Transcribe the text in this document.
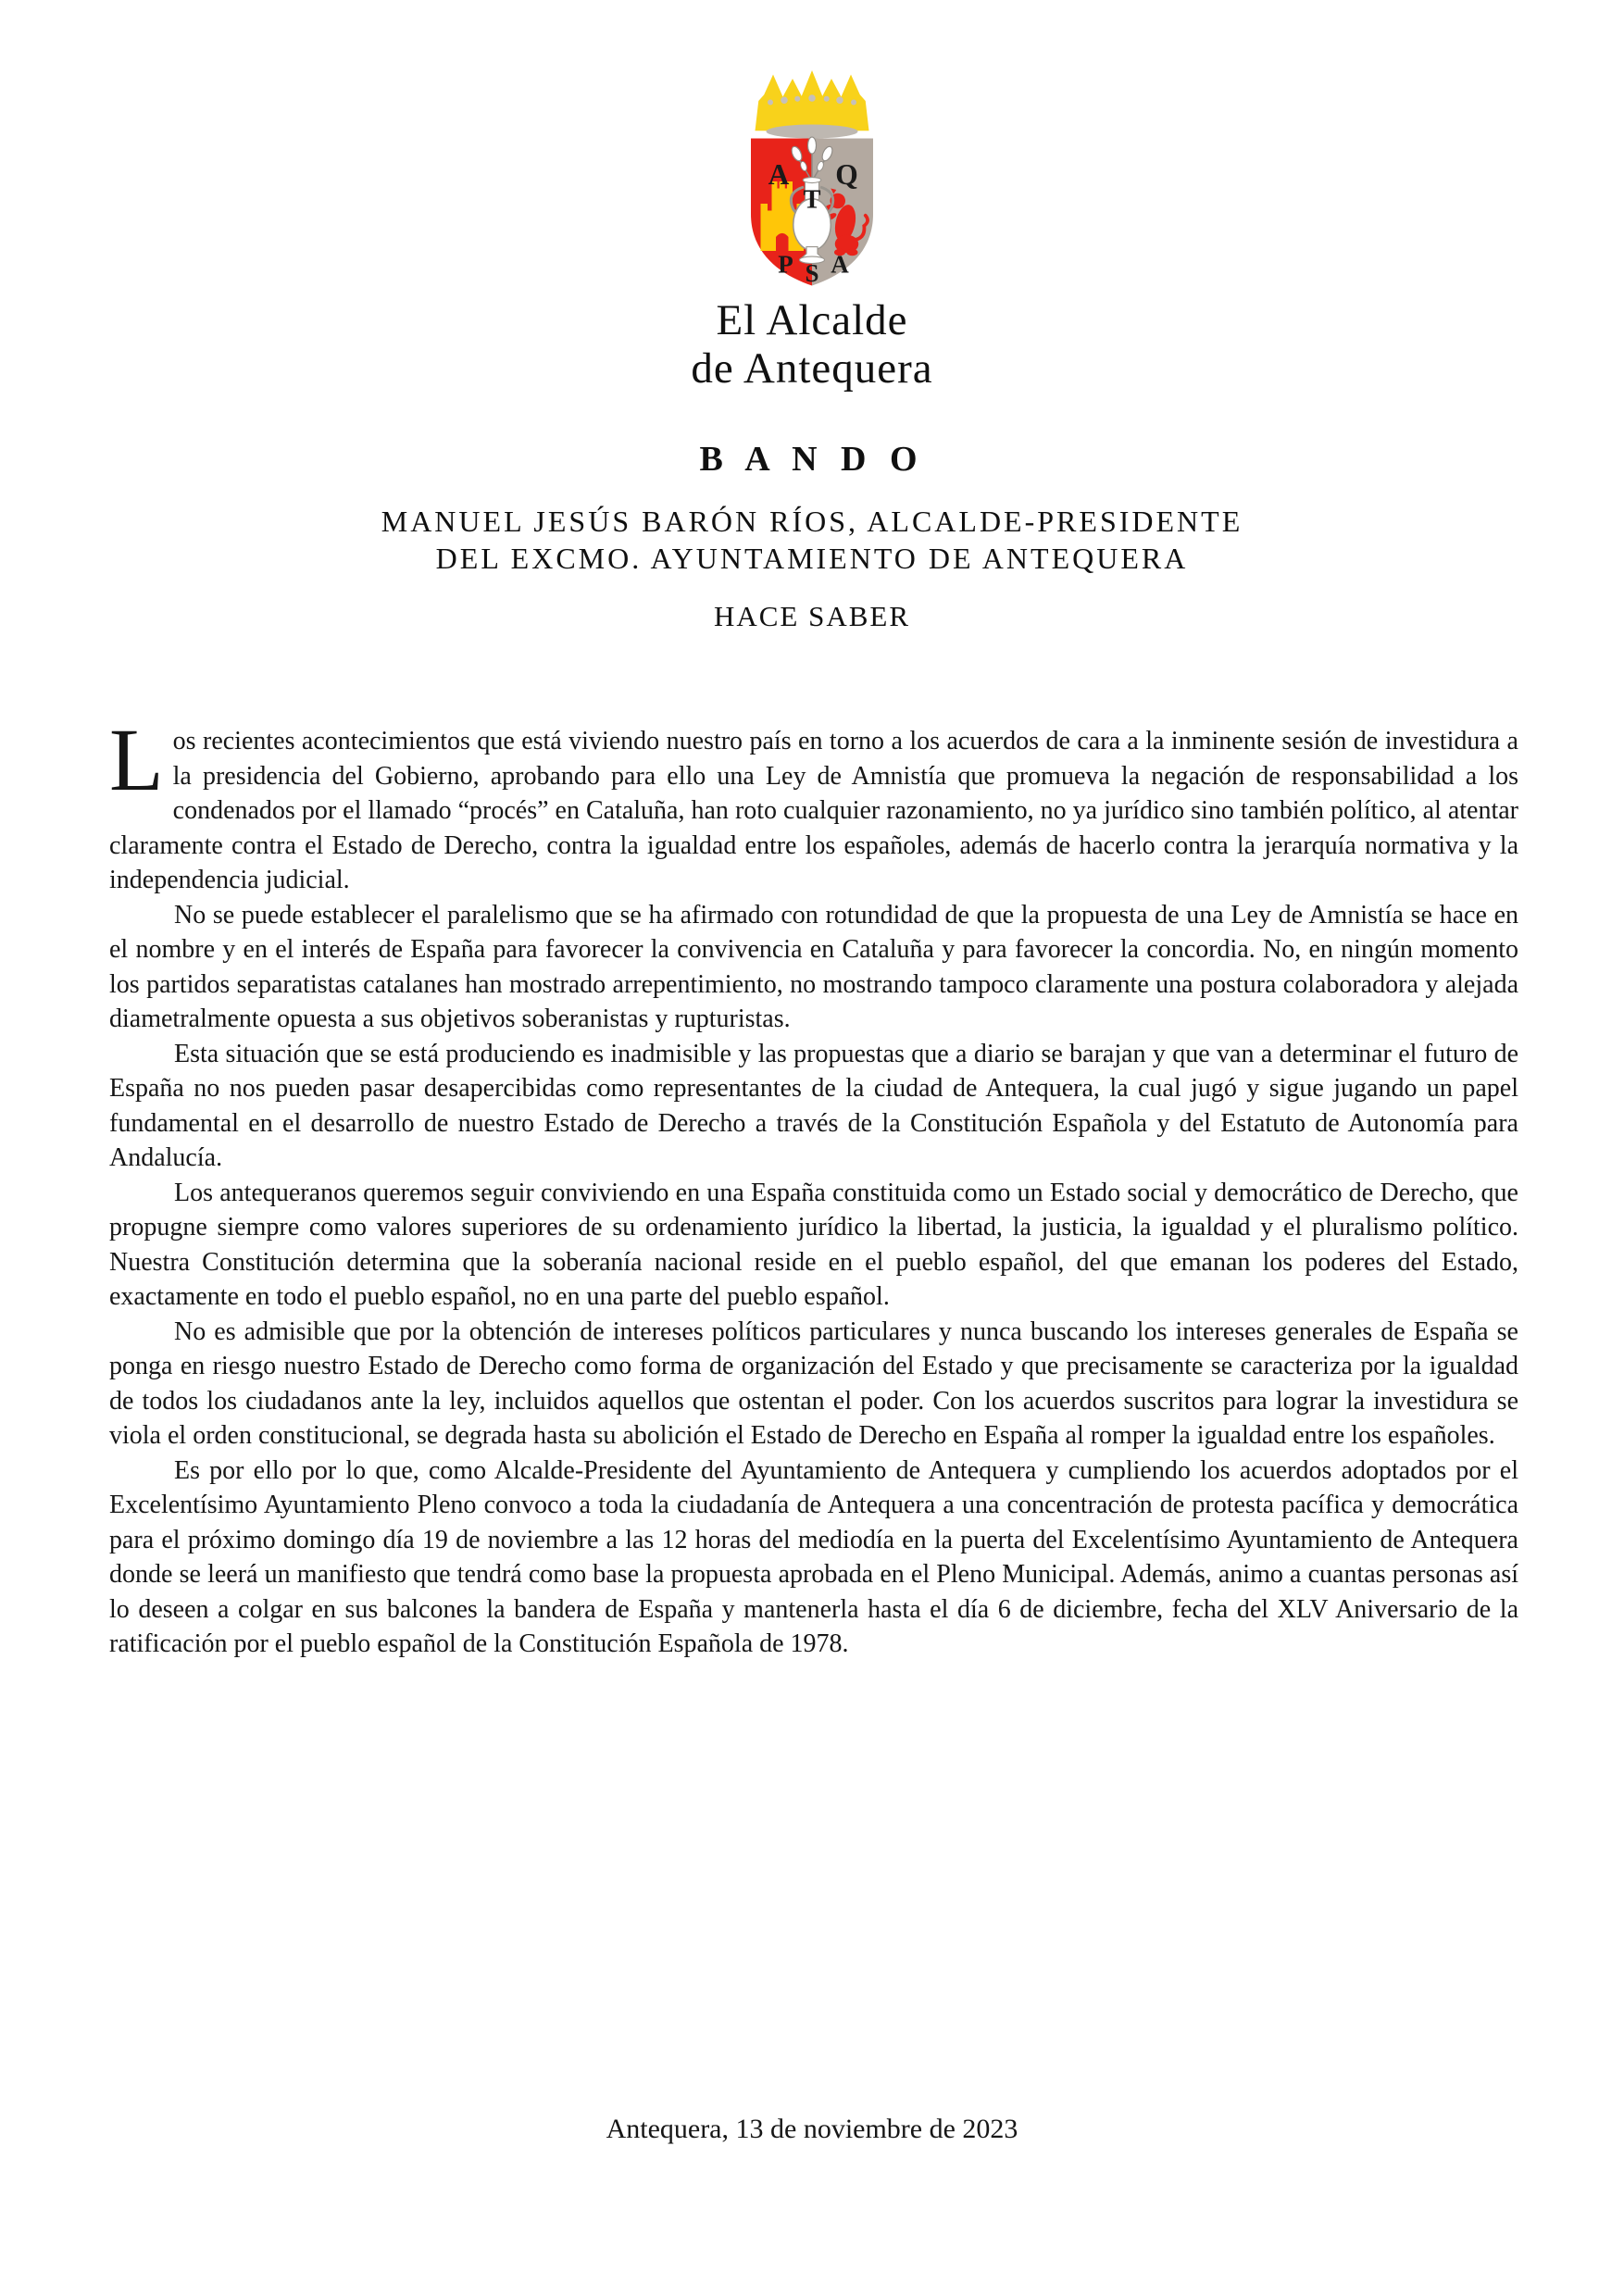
A Q
T
P S A
El Alcalde
de Antequera
B A N D O
MANUEL JESÚS BARÓN RÍOS, ALCALDE-PRESIDENTE
DEL EXCMO. AYUNTAMIENTO DE ANTEQUERA
HACE SABER

Los recientes acontecimientos que está viviendo nuestro país en torno a los acuerdos de cara a la inminente sesión de investidura a la presidencia del Gobierno, aprobando para ello una Ley de Amnistía que promueva la negación de responsabilidad a los condenados por el llamado “procés” en Cataluña, han roto cualquier razonamiento, no ya jurídico sino también político, al atentar claramente contra el Estado de Derecho, contra la igualdad entre los españoles, además de hacerlo contra la jerarquía normativa y la independencia judicial.

No se puede establecer el paralelismo que se ha afirmado con rotundidad de que la propuesta de una Ley de Amnistía se hace en el nombre y en el interés de España para favorecer la convivencia en Cataluña y para favorecer la concordia. No, en ningún momento los partidos separatistas catalanes han mostrado arrepentimiento, no mostrando tampoco claramente una postura colaboradora y alejada diametralmente opuesta a sus objetivos soberanistas y rupturistas.

Esta situación que se está produciendo es inadmisible y las propuestas que a diario se barajan y que van a determinar el futuro de España no nos pueden pasar desapercibidas como representantes de la ciudad de Antequera, la cual jugó y sigue jugando un papel fundamental en el desarrollo de nuestro Estado de Derecho a través de la Constitución Española y del Estatuto de Autonomía para Andalucía.

Los antequeranos queremos seguir conviviendo en una España constituida como un Estado social y democrático de Derecho, que propugne siempre como valores superiores de su ordenamiento jurídico la libertad, la justicia, la igualdad y el pluralismo político. Nuestra Constitución determina que la soberanía nacional reside en el pueblo español, del que emanan los poderes del Estado, exactamente en todo el pueblo español, no en una parte del pueblo español.

No es admisible que por la obtención de intereses políticos particulares y nunca buscando los intereses generales de España se ponga en riesgo nuestro Estado de Derecho como forma de organización del Estado y que precisamente se caracteriza por la igualdad de todos los ciudadanos ante la ley, incluidos aquellos que ostentan el poder. Con los acuerdos suscritos para lograr la investidura se viola el orden constitucional, se degrada hasta su abolición el Estado de Derecho en España al romper la igualdad entre los españoles.

Es por ello por lo que, como Alcalde-Presidente del Ayuntamiento de Antequera y cumpliendo los acuerdos adoptados por el Excelentísimo Ayuntamiento Pleno convoco a toda la ciudadanía de Antequera a una concentración de protesta pacífica y democrática para el próximo domingo día 19 de noviembre a las 12 horas del mediodía en la puerta del Excelentísimo Ayuntamiento de Antequera donde se leerá un manifiesto que tendrá como base la propuesta aprobada en el Pleno Municipal. Además, animo a cuantas personas así lo deseen a colgar en sus balcones la bandera de España y mantenerla hasta el día 6 de diciembre, fecha del XLV Aniversario de la ratificación por el pueblo español de la Constitución Española de 1978.

Antequera, 13 de noviembre de 2023
